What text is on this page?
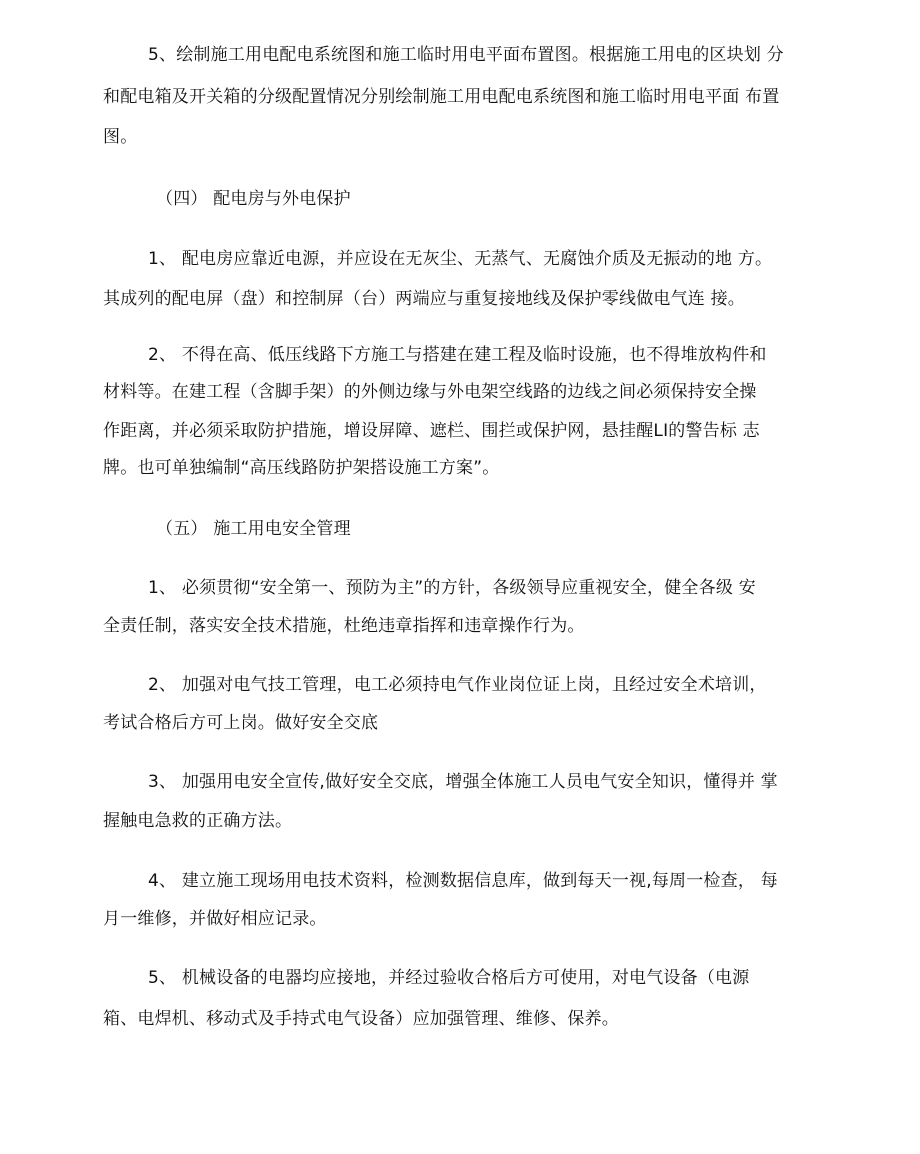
5、绘制施工用电配电系统图和施工临时用电平面布置图。根据施工用电的区块划 分
和配电箱及开关箱的分级配置情况分别绘制施工用电配电系统图和施工临时用电平面 布置
图。
（四） 配电房与外电保护
1、 配电房应靠近电源，并应设在无灰尘、无蒸气、无腐蚀介质及无振动的地 方。
其成列的配电屏（盘）和控制屏（台）两端应与重复接地线及保护零线做电气连 接。
2、 不得在高、低压线路下方施工与搭建在建工程及临时设施，也不得堆放构件和
材料等。在建工程（含脚手架）的外侧边缘与外电架空线路的边线之间必须保持安全操
作距离，并必须采取防护措施，增设屏障、遮栏、围拦或保护网，悬挂醒LI的警告标 志
牌。也可单独编制“高压线路防护架搭设施工方案”。
（五） 施工用电安全管理
1、 必须贯彻“安全第一、预防为主”的方针，各级领导应重视安全，健全各级 安
全责任制，落实安全技术措施，杜绝违章指挥和违章操作行为。
2、 加强对电气技工管理，电工必须持电气作业岗位证上岗，且经过安全术培训，
考试合格后方可上岗。做好安全交底
3、 加强用电安全宣传,做好安全交底，增强全体施工人员电气安全知识，懂得并 掌
握触电急救的正确方法。
4、 建立施工现场用电技术资料，检测数据信息库，做到每天一视,每周一检查， 每
月一维修，并做好相应记录。
5、 机械设备的电器均应接地，并经过验收合格后方可使用，对电气设备（电源
箱、电焊机、移动式及手持式电气设备）应加强管理、维修、保养。
